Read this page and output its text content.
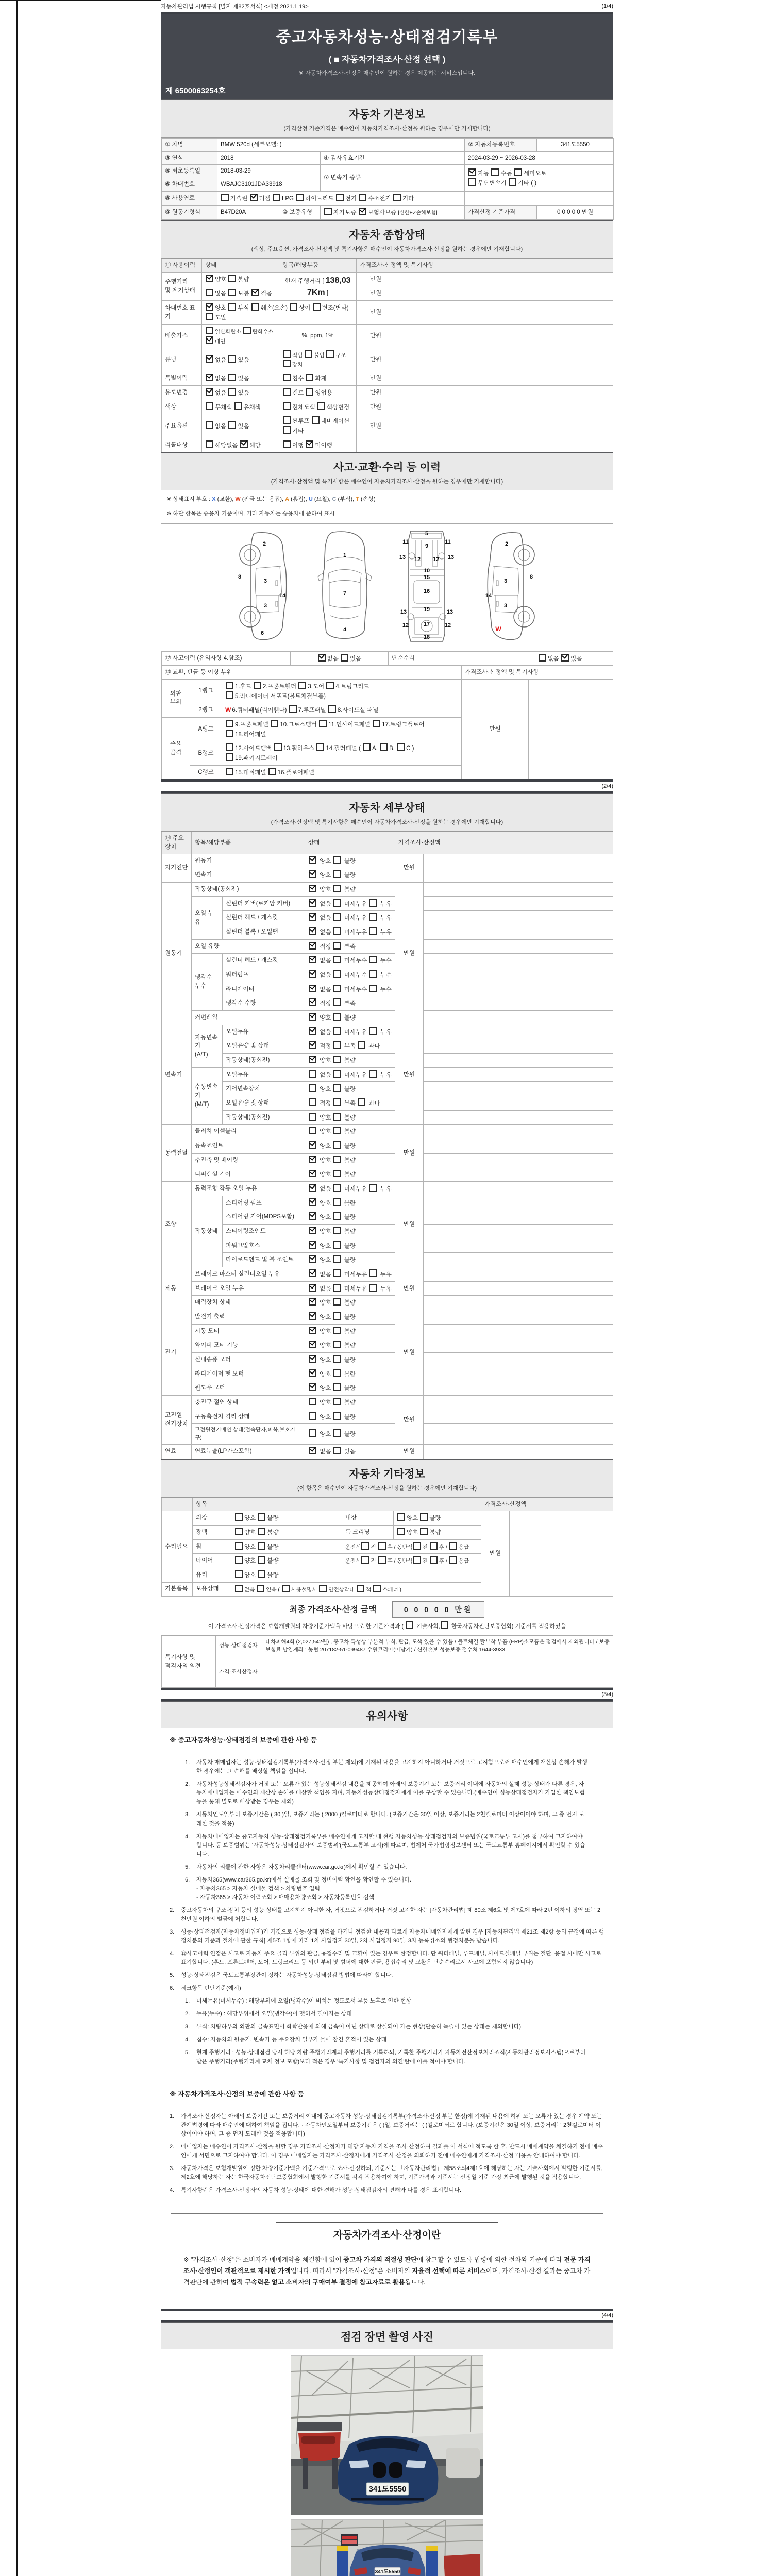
자동차관리법 시행규칙 [별지 제82호서식] <개정 2021.1.19>	(1/4)
중고자동차성능·상태점검기록부
( ■ 자동차가격조사·산정 선택 )
※ 자동차가격조사·산정은 매수인이 원하는 경우 제공하는 서비스입니다.
제 6500063254호
자동차 기본정보
(가격산정 기준가격은 매수인이 자동차가격조사·산정을 원하는 경우에만 기재합니다)
① 차명	BMW 520d (세부모델: )			② 자동차등록번호	341도5550
③ 연식	2018		④ 검사유효기간	2024-03-29 ~ 2026-03-28	
⑤ 최초등록일	2018-03-29		⑦ 변속기 종류	자동 수동 세미오토
무단변속기 기타 ( )	
⑥ 차대번호	WBAJC3101JDA33918				
⑧ 사용연료	가솔린 디젤 LPG 하이브리드 전기 수소전기 기타				
⑨ 원동기형식	B47D20A	⑩ 보증유형	자가보증 보험사보증 [신한EZ손해보험]	가격산정 기준가격	0 0 0 0 0 만원
자동차 종합상태
(색상, 주요옵션, 가격조사·산정액 및 특기사항은 매수인이 자동차가격조사·산정을 원하는 경우에만 기재합니다)
⑪ 사용이력	상태	항목/해당부품	가격조사·산정액 및 특기사항	
주행거리
및 계기상태	양호 불량	현재 주행거리 [ 138,037Km ]	만원	
	많음 보통 적음		만원	
차대번호 표기	양호 부식 훼손(오손) 상이 변조(변타) 도말		만원	
배출가스	일산화탄소 탄화수소 매연	%, ppm, 1%	만원	
튜닝	없음 있음	적법 불법 구조 장치	만원	
특별이력	없음 있음	침수 화재	만원	
용도변경	없음 있음	렌트 영업용	만원	
색상	무채색 유채색	전체도색 색상변경	만원	
주요옵션	없음 있음	썬루프 네비게이션 기타	만원	
리콜대상	해당없음 해당	이행 미이행		
사고·교환·수리 등 이력
(가격조사·산정액 및 특기사항은 매수인이 자동차가격조사·산정을 원하는 경우에만 기재합니다)
※ 상태표시 부호 : X (교환), W (판금 또는 용접), A (흠집), U (요철), C (부식), T (손상)
※ 하단 항목은 승용차 기준이며, 기타 자동차는 승용차에 준하여 표시
2
8
3
14
3
6
1
7
4
5
9
11	11
13	13
12 12
10
15
16
19
13	13
12	12
17
18
2
8
3
14
3
W
⑫ 사고이력 (유의사항 4.참조)	없음 있음	단순수리	없음 있음
⑬ 교환, 판금 등 이상 부위			가격조사·산정액 및 특기사항	
외판
부위	1랭크	1.후드 2.프론트휀더 3.도어 4.트렁크리드
5.라디에이터 서포트(볼트체결부품)	만원	
	2랭크	W 6.쿼터패널(리어휀다) 7.루프패널 8.사이드실 패널		
주요
골격	A랭크	9.프론트패널 10.크로스멤버 11.인사이드패널 17.트렁크플로어
18.리어패널		
	B랭크	12.사이드멤버 13.휠하우스 14.필러패널 ( A, B, C )
19.패키지트레이		
	C랭크	15.대쉬패널 16.플로어패널		
(2/4)
자동차 세부상태
(가격조사·산정액 및 특기사항은 매수인이 자동차가격조사·산정을 원하는 경우에만 기재합니다)
⑭ 주요장치	항목/해당부품		상태	가격조사·산정액	
자기진단	원동기		양호  불량	만원	
	변속기		양호  불량		
원동기	작동상태(공회전)		양호  불량	만원	
	오일 누유	실린더 커버(로커암 커버)	없음  미세누유  누유		
		실린더 헤드 / 개스킷	없음  미세누유  누유		
		실린더 블록 / 오일팬	없음  미세누유  누유		
	오일 유량		적정  부족		
	냉각수
누수	실린더 헤드 / 개스킷	없음  미세누수  누수		
		워터펌프	없음  미세누수  누수		
		라디에이터	없음  미세누수  누수		
		냉각수 수량	적정  부족		
	커먼레일		양호  불량		
변속기	자동변속기
(A/T)	오일누유	없음  미세누유  누유	만원	
		오일유량 및 상태	적정  부족  과다		
		작동상태(공회전)	양호  불량		
	수동변속기
(M/T)	오일누유	없음  미세누유  누유		
		기어변속장치	양호  불량		
		오일유량 및 상태	적정  부족  과다		
		작동상태(공회전)	양호  불량		
동력전달	클러치 어셈블리		양호  불량	만원	
	등속죠인트		양호  불량		
	추진축 및 베어링		양호  불량		
	디퍼렌셜 기어		양호  불량		
조향	동력조향 작동 오일 누유		없음  미세누유  누유	만원	
	작동상태	스티어링 펌프	양호  불량		
		스티어링 기어(MDPS포함)	양호  불량		
		스티어링조인트	양호  불량		
		파워고압호스	양호  불량		
		타이로드엔드 및 볼 조인트	양호  불량		
제동	브레이크 마스터 실린더오일 누유		없음  미세누유  누유	만원	
	브레이크 오일 누유		없음  미세누유  누유		
	배력장치 상태		양호  불량		
전기	발전기 출력		양호  불량	만원	
	시동 모터		양호  불량		
	와이퍼 모터 기능		양호  불량		
	실내송풍 모터		양호  불량		
	라디에이터 팬 모터		양호  불량		
	윈도우 모터		양호  불량		
고전원
전기장치	충전구 절연 상태		양호  불량	만원	
	구동축전지 격리 상태		양호  불량		
	고전원전기배선 상태(접속단자,피복,보호기구)		양호  불량		
연료	연료누출(LP가스포함)		없음  있음	만원	
자동차 기타정보
(이 항목은 매수인이 자동차가격조사·산정을 원하는 경우에만 기재합니다)
	항목				가격조사·산정액	
수리필요	외장	양호 불량	내장	양호 불량	만원	
	광택	양호 불량	룸 크리닝	양호 불량		
	휠	양호 불량	운전석 전 후 / 동반석 전 후 / 응급			
	타이어	양호 불량	운전석 전 후 / 동반석 전 후 / 응급			
	유리	양호 불량				
기본품목	보유상태	없음 있음 ( 사용설명서 안전삼각대 잭 스패너 )				
최종 가격조사·산정 금액	0 0 0 0 0 만원
이 가격조사·산정가격은 보험개발원의 차량기준가액을 바탕으로 한 기준가격과 (  기술사회, 한국자동차진단보증협회) 기준서를 적용하였음
특기사항 및
점검자의 의견	성능·상태점검자	내차피해4회 (2,027,542원) , 중고차 특성상 부분적 부식, 판금, 도색 있을 수 있음 / 볼트체결 탈부착 부품 (FRP)소모품은 점검에서 제외됩니다 / 보증보험료 납입계좌 : 농협 207182-51-099487 수원코리아(이남기) / 신한손보 성능보증 접수처 1644-3933
	가격·조사산정자	
(3/4)
유의사항
※ 중고자동차성능·상태점검의 보증에 관한 사항 등
1.	자동차 매매업자는 성능·상태점검기록부(가격조사·산정 부분 제외)에 기재된 내용을 고지하지 아니하거나 거짓으로 고지함으로써 매수인에게 재산상 손해가 발생한 경우에는 그 손해를 배상할 책임을 집니다.
2.	자동차성능상태점검자가 거짓 또는 오류가 있는 성능상태점검 내용을 제공하여 아래의 보증기간 또는 보증거리 이내에 자동차의 실제 성능·상태가 다른 경우, 자동차매매업자는 매수인의 재산상 손해를 배상할 책임을 지며, 자동차성능상태점검자에게 이를 구상할 수 있습니다.(매수인이 성능상태점검자가 가입한 책임보험 등을 통해 별도로 배상받는 경우는 제외)
3.	자동차인도일부터 보증기간은 ( 30 )일, 보증거리는 ( 2000 )킬로미터로 합니다. (보증기간은 30일 이상, 보증거리는 2천킬로미터 이상이어야 하며, 그 중 먼저 도래한 것을 적용)
4.	자동차매매업자는 중고자동차 성능·상태점검기록부를 매수인에게 고지할 때 현행 자동차성능·상태점검자의 보증범위(국토교통부 고시)를 첨부하여 고지하여야 합니다. 동 보증범위는 '자동차성능·상태점검자의 보증범위'(국토교통부 고시)에 따르며, 법제처 국가법령정보센터 또는 국토교통부 홈페이지에서 확인할 수 있습니다.
5.	자동차의 리콜에 관한 사항은 자동차리콜센터(www.car.go.kr)에서 확인할 수 있습니다.
6.	자동차365(www.car365.go.kr)에서 실매물 조회 및 정비이력 확인을 확인할 수 있습니다.
- 자동차365 > 자동차 실매물 검색 > 차량번호 입력
- 자동차365 > 자동차 이력조회 > 매매용차량조회 > 자동차등록번호 검색
2.	중고자동차의 구조·장치 등의 성능·상태를 고지하지 아니한 자, 거짓으로 점검하거나 거짓 고지한 자는 [자동차관리법] 제 80조 제6호 및 제7호에 따라 2년 이하의 징역 또는 2천만원 이하의 벌금에 처합니다.
3.	성능·상태점검자(자동차정비업자)가 거짓으로 성능·상태 점검을 하거나 점검한 내용과 다르게 자동차매매업자에게 알린 경우 [자동차관리법 제21조 제2항 등의 규정에 따른 행정처분의 기준과 절차에 관한 규칙] 제5조 1항에 따라 1차 사업정지 30일, 2차 사업정지 90일, 3차 등록취소의 행정처분을 받습니다.
4.	⑫사고이력 인정은 사고로 자동차 주요 골격 부위의 판금, 용접수리 및 교환이 있는 경우로 한정합니다. 단 쿼터패널, 루프패널, 사이드실패널 부위는 절단, 용접 시에만 사고로 표기합니다. (후드, 프론트펜더, 도어, 트렁크리드 등 외판 부위 및 범퍼에 대한 판금, 용접수리 및 교환은 단순수리로서 사고에 포함되지 않습니다)
5.	성능·상태점검은 국토교통부장관이 정하는 자동차성능·상태점검 방법에 따라야 합니다.
6.	체크항목 판단기준(예시)
1.	미세누유(미세누수) : 해당부위에 오일(냉각수)이 비치는 정도로서 부품 노후로 인한 현상
2.	누유(누수) : 해당부위에서 오일(냉각수)이 맺혀서 떨어지는 상태
3.	부식: 차량하부와 외판의 금속표면이 화학반응에 의해 금속이 아닌 상태로 상실되어 가는 현상(단순히 녹슬어 있는 상태는 제외합니다)
4.	침수: 자동차의 원동기, 변속기 등 주요장치 일부가 물에 잠긴 흔적이 있는 상태
5.	현재 주행거리 : 성능·상태점검 당시 해당 차량 주행거리계의 주행거리를 기록하되, 기록한 주행거리가 자동차전산정보처리조직(자동차관리정보시스템)으로부터 받은 주행거리(주행거리계 교체 정보 포함)보다 적은 경우 '특기사항 및 점검자의 의견'란에 이를 적어야 합니다.
※ 자동차가격조사·산정의 보증에 관한 사항 등
1.	가격조사·산정자는 아래의 보증기간 또는 보증거리 이내에 중고자동차 성능·상태점검기록부(가격조사·산정 부분 한정)에 기재된 내용에 허위 또는 오류가 있는 경우 계약 또는 관계법령에 따라 매수인에 대하여 책임을 집니다. · 자동차인도일부터 보증기간은 ( )일, 보증거리는 ( )킬로미터로 합니다. (보증기간은 30일 이상, 보증거리는 2천킬로미터 이상이어야 하며, 그 중 먼저 도래한 것을 적용합니다)
2.	매매업자는 매수인이 가격조사·산정을 원할 경우 가격조사·산정자가 해당 자동차 가격을 조사·산정하여 결과를 이 서식에 적도록 한 후, 반드시 매매계약을 체결하기 전에 매수인에게 서면으로 고지하여야 합니다. 이 경우 매매업자는 가격조사·산정자에게 가격조사·산정을 의뢰하기 전에 매수인에게 가격조사·산정 비용을 안내하여야 합니다.
3.	자동차가격은 보험개발원이 정한 차량기준가액을 기준가격으로 조사·산정하되, 기준서는 「자동차관리법」 제58조의4제1호에 해당하는 자는 기술사회에서 발행한 기준서를, 제2호에 해당하는 자는 한국자동차진단보증협회에서 발행한 기준서를 각각 적용하여야 하며, 기준가격과 기준서는 산정일 기준 가장 최근에 발행된 것을 적용합니다.
4.	특기사항란은 가격조사·산정자의 자동차 성능·상태에 대한 견해가 성능·상태점검자의 견해와 다를 경우 표시합니다.
자동차가격조사·산정이란

※ "가격조사·산정"은 소비자가 매매계약을 체결함에 있어 중고차 가격의 적절성 판단에 참고할 수 있도록 법령에 의한 절차와 기준에 따라 전문 가격조사·산정인이 객관적으로 제시한 가액입니다. 따라서 "가격조사·산정"은 소비자의 자율적 선택에 따른 서비스이며, 가격조사·산정 결과는 중고차 가격판단에 관하여 법적 구속력은 없고 소비자의 구매여부 결정에 참고자료로 활용됩니다.

(4/4)
점검 장면 촬영 사진
341도5550
341도5550
